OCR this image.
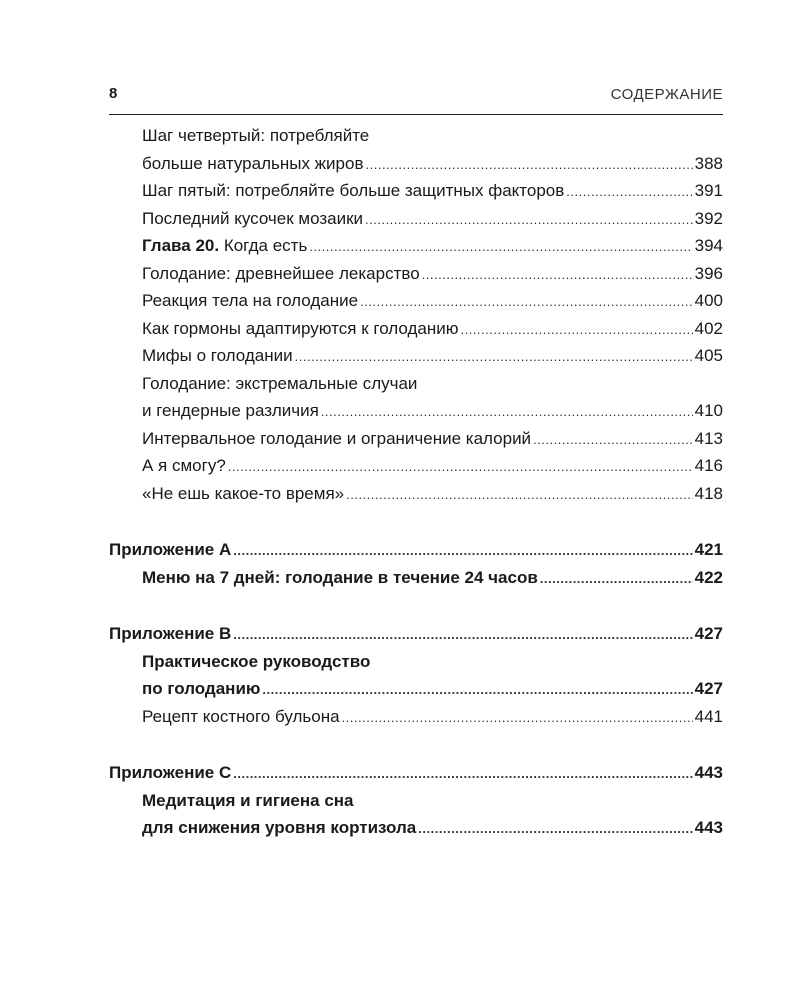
8	СОДЕРЖАНИЕ
Шаг четвертый: потребляйте
больше натуральных жиров .....	388
Шаг пятый: потребляйте больше защитных факторов .....	391
Последний кусочек мозаики .....	392
Глава 20. Когда есть .....	394
Голодание: древнейшее лекарство .....	396
Реакция тела на голодание .....	400
Как гормоны адаптируются к голоданию .....	402
Мифы о голодании .....	405
Голодание: экстремальные случаи
и гендерные различия .....	410
Интервальное голодание и ограничение калорий .....	413
А я смогу? .....	416
«Не ешь какое-то время» .....	418
Приложение А .....	421
Меню на 7 дней: голодание в течение 24 часов .....	422
Приложение В .....	427
Практическое руководство
по голоданию .....	427
Рецепт костного бульона .....	441
Приложение С .....	443
Медитация и гигиена сна
для снижения уровня кортизола .....	443
